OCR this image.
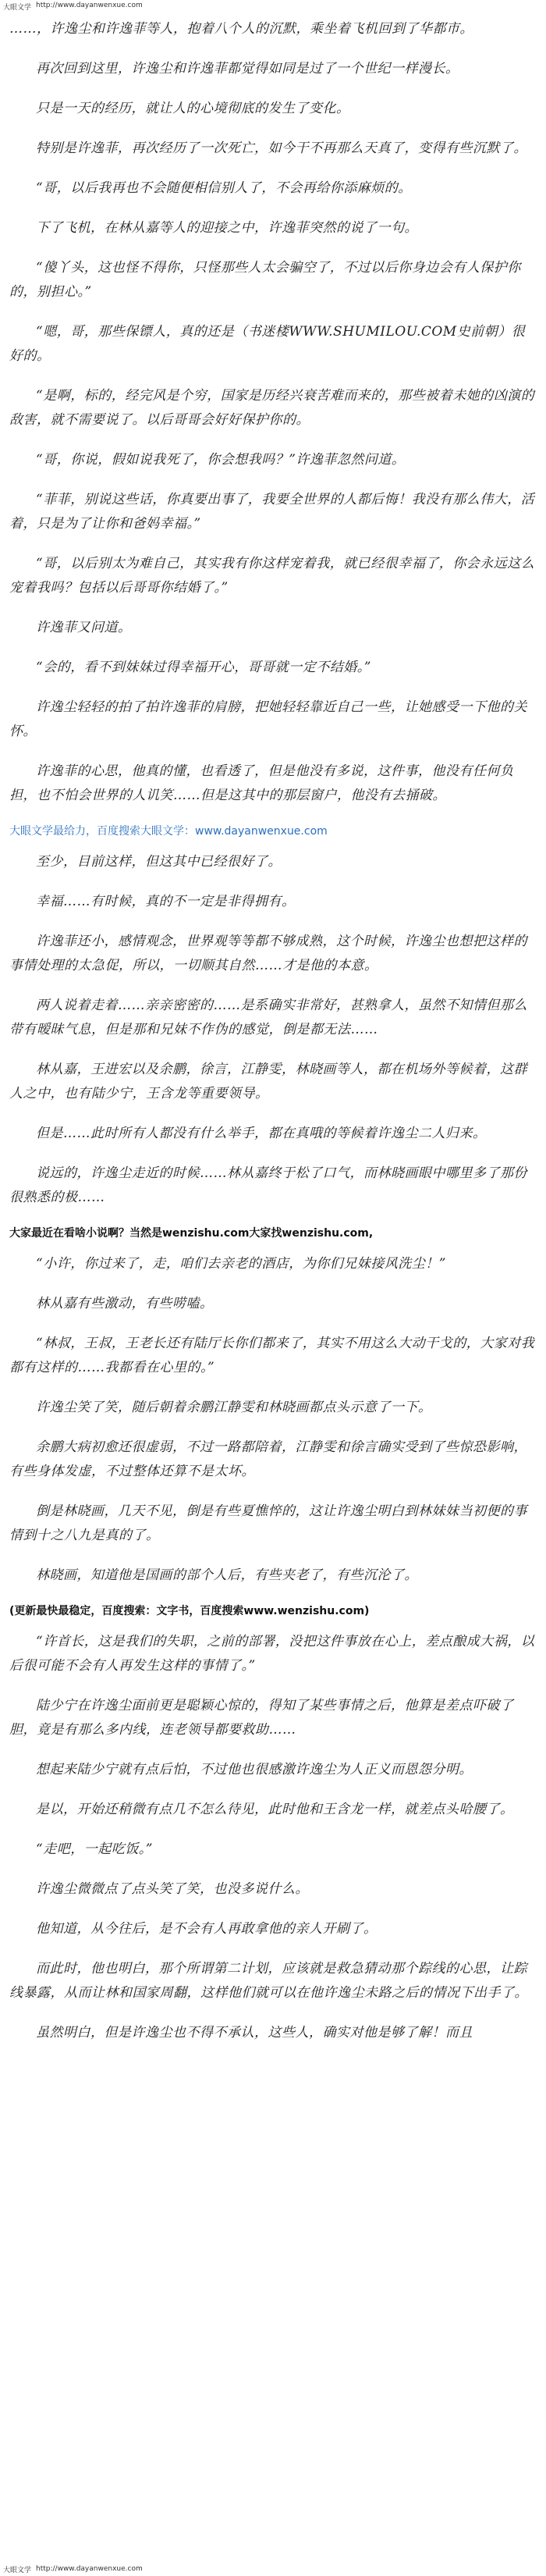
大眼文学 http://www.dayanwenxue.com

……，许逸尘和许逸菲等人，抱着八个人的沉默，乘坐着飞机回到了华都市。

再次回到这里，许逸尘和许逸菲都觉得如同是过了一个世纪一样漫长。

只是一天的经历，就让人的心境彻底的发生了变化。

特别是许逸菲，再次经历了一次死亡，如今干不再那么天真了，变得有些沉默了。

“哥，以后我再也不会随便相信别人了，不会再给你添麻烦的。

下了飞机，在林从嘉等人的迎接之中，许逸菲突然的说了一句。

“傻丫头，这也怪不得你，只怪那些人太会骗空了，不过以后你身边会有人保护你的，别担心。”

“嗯，哥，那些保镖人，真的还是（书迷楼WWW.SHUMILOU.COM史前朝）很好的。

“是啊，标的，经完风是个穷，国家是历经兴衰苦难而来的，那些被着未她的凶演的敌害，就不需要说了。以后哥哥会好好保护你的。

“哥，你说，假如说我死了，你会想我吗？”许逸菲忽然问道。

“菲菲，别说这些话，你真要出事了，我要全世界的人都后悔！我没有那么伟大，活着，只是为了让你和爸妈幸福。”

“哥，以后别太为难自己，其实我有你这样宠着我，就已经很幸福了，你会永远这么宠着我吗？包括以后哥哥你结婚了。”

许逸菲又问道。

“会的，看不到妹妹过得幸福开心，哥哥就一定不结婚。”

许逸尘轻轻的拍了拍许逸菲的肩膀，把她轻轻靠近自己一些，让她感受一下他的关怀。

许逸菲的心思，他真的懂，也看透了，但是他没有多说，这件事，他没有任何负担，也不怕会世界的人讥笑……但是这其中的那层窗户，他没有去捅破。

大眼文学最给力，百度搜索大眼文学：www.dayanwenxue.com

至少，目前这样，但这其中已经很好了。

幸福……有时候，真的不一定是非得拥有。

许逸菲还小，感情观念，世界观等等都不够成熟，这个时候，许逸尘也想把这样的事情处理的太急促，所以，一切顺其自然……才是他的本意。

两人说着走着……亲亲密密的……是系确实非常好，甚熟拿人，虽然不知情但那么带有暧昧气息，但是那和兄妹不作伪的感觉，倒是都无法……

林从嘉，王进宏以及余鹏，徐言，江静雯，林晓画等人，都在机场外等候着，这群人之中，也有陆少宁，王含龙等重要领导。

但是……此时所有人都没有什么举手，都在真哦的等候着许逸尘二人归来。

说远的，许逸尘走近的时候……林从嘉终于松了口气，而林晓画眼中哪里多了那份很熟悉的极……

大家最近在看啥小说啊？当然是wenzishu.com大家找wenzishu.com,

“小许，你过来了，走，咱们去亲老的酒店，为你们兄妹接风洗尘！”

林从嘉有些激动，有些唠嗑。

“林叔，王叔，王老长还有陆厅长你们都来了，其实不用这么大动干戈的，大家对我都有这样的……我都看在心里的。”

许逸尘笑了笑，随后朝着余鹏江静雯和林晓画都点头示意了一下。

余鹏大病初愈还很虚弱，不过一路都陪着，江静雯和徐言确实受到了些惊恐影响，有些身体发虚，不过整体还算不是太坏。

倒是林晓画，几天不见，倒是有些夏憔悴的，这让许逸尘明白到林妹妹当初便的事情到十之八九是真的了。

林晓画，知道他是国画的部个人后，有些夹老了，有些沉沦了。

(更新最快最稳定，百度搜索：文字书，百度搜索www.wenzishu.com)

“许首长，这是我们的失职，之前的部署，没把这件事放在心上，差点酿成大祸，以后很可能不会有人再发生这样的事情了。”

陆少宁在许逸尘面前更是聪颖心惊的，得知了某些事情之后，他算是差点吓破了胆，竟是有那么多内线，连老领导都要救助……

想起来陆少宁就有点后怕，不过他也很感激许逸尘为人正义而恩怨分明。

是以，开始还稍微有点几不怎么待见，此时他和王含龙一样，就差点头哈腰了。

“走吧，一起吃饭。”

许逸尘微微点了点头笑了笑，也没多说什么。

他知道，从今往后，是不会有人再敢拿他的亲人开刷了。

而此时，他也明白，那个所谓第二计划，应该就是救急猜动那个踪线的心思，让踪线暴露，从而让林和国家周翻，这样他们就可以在他许逸尘未路之后的情况下出手了。

虽然明白，但是许逸尘也不得不承认，这些人，确实对他是够了解！而且

大眼文学 http://www.dayanwenxue.com
